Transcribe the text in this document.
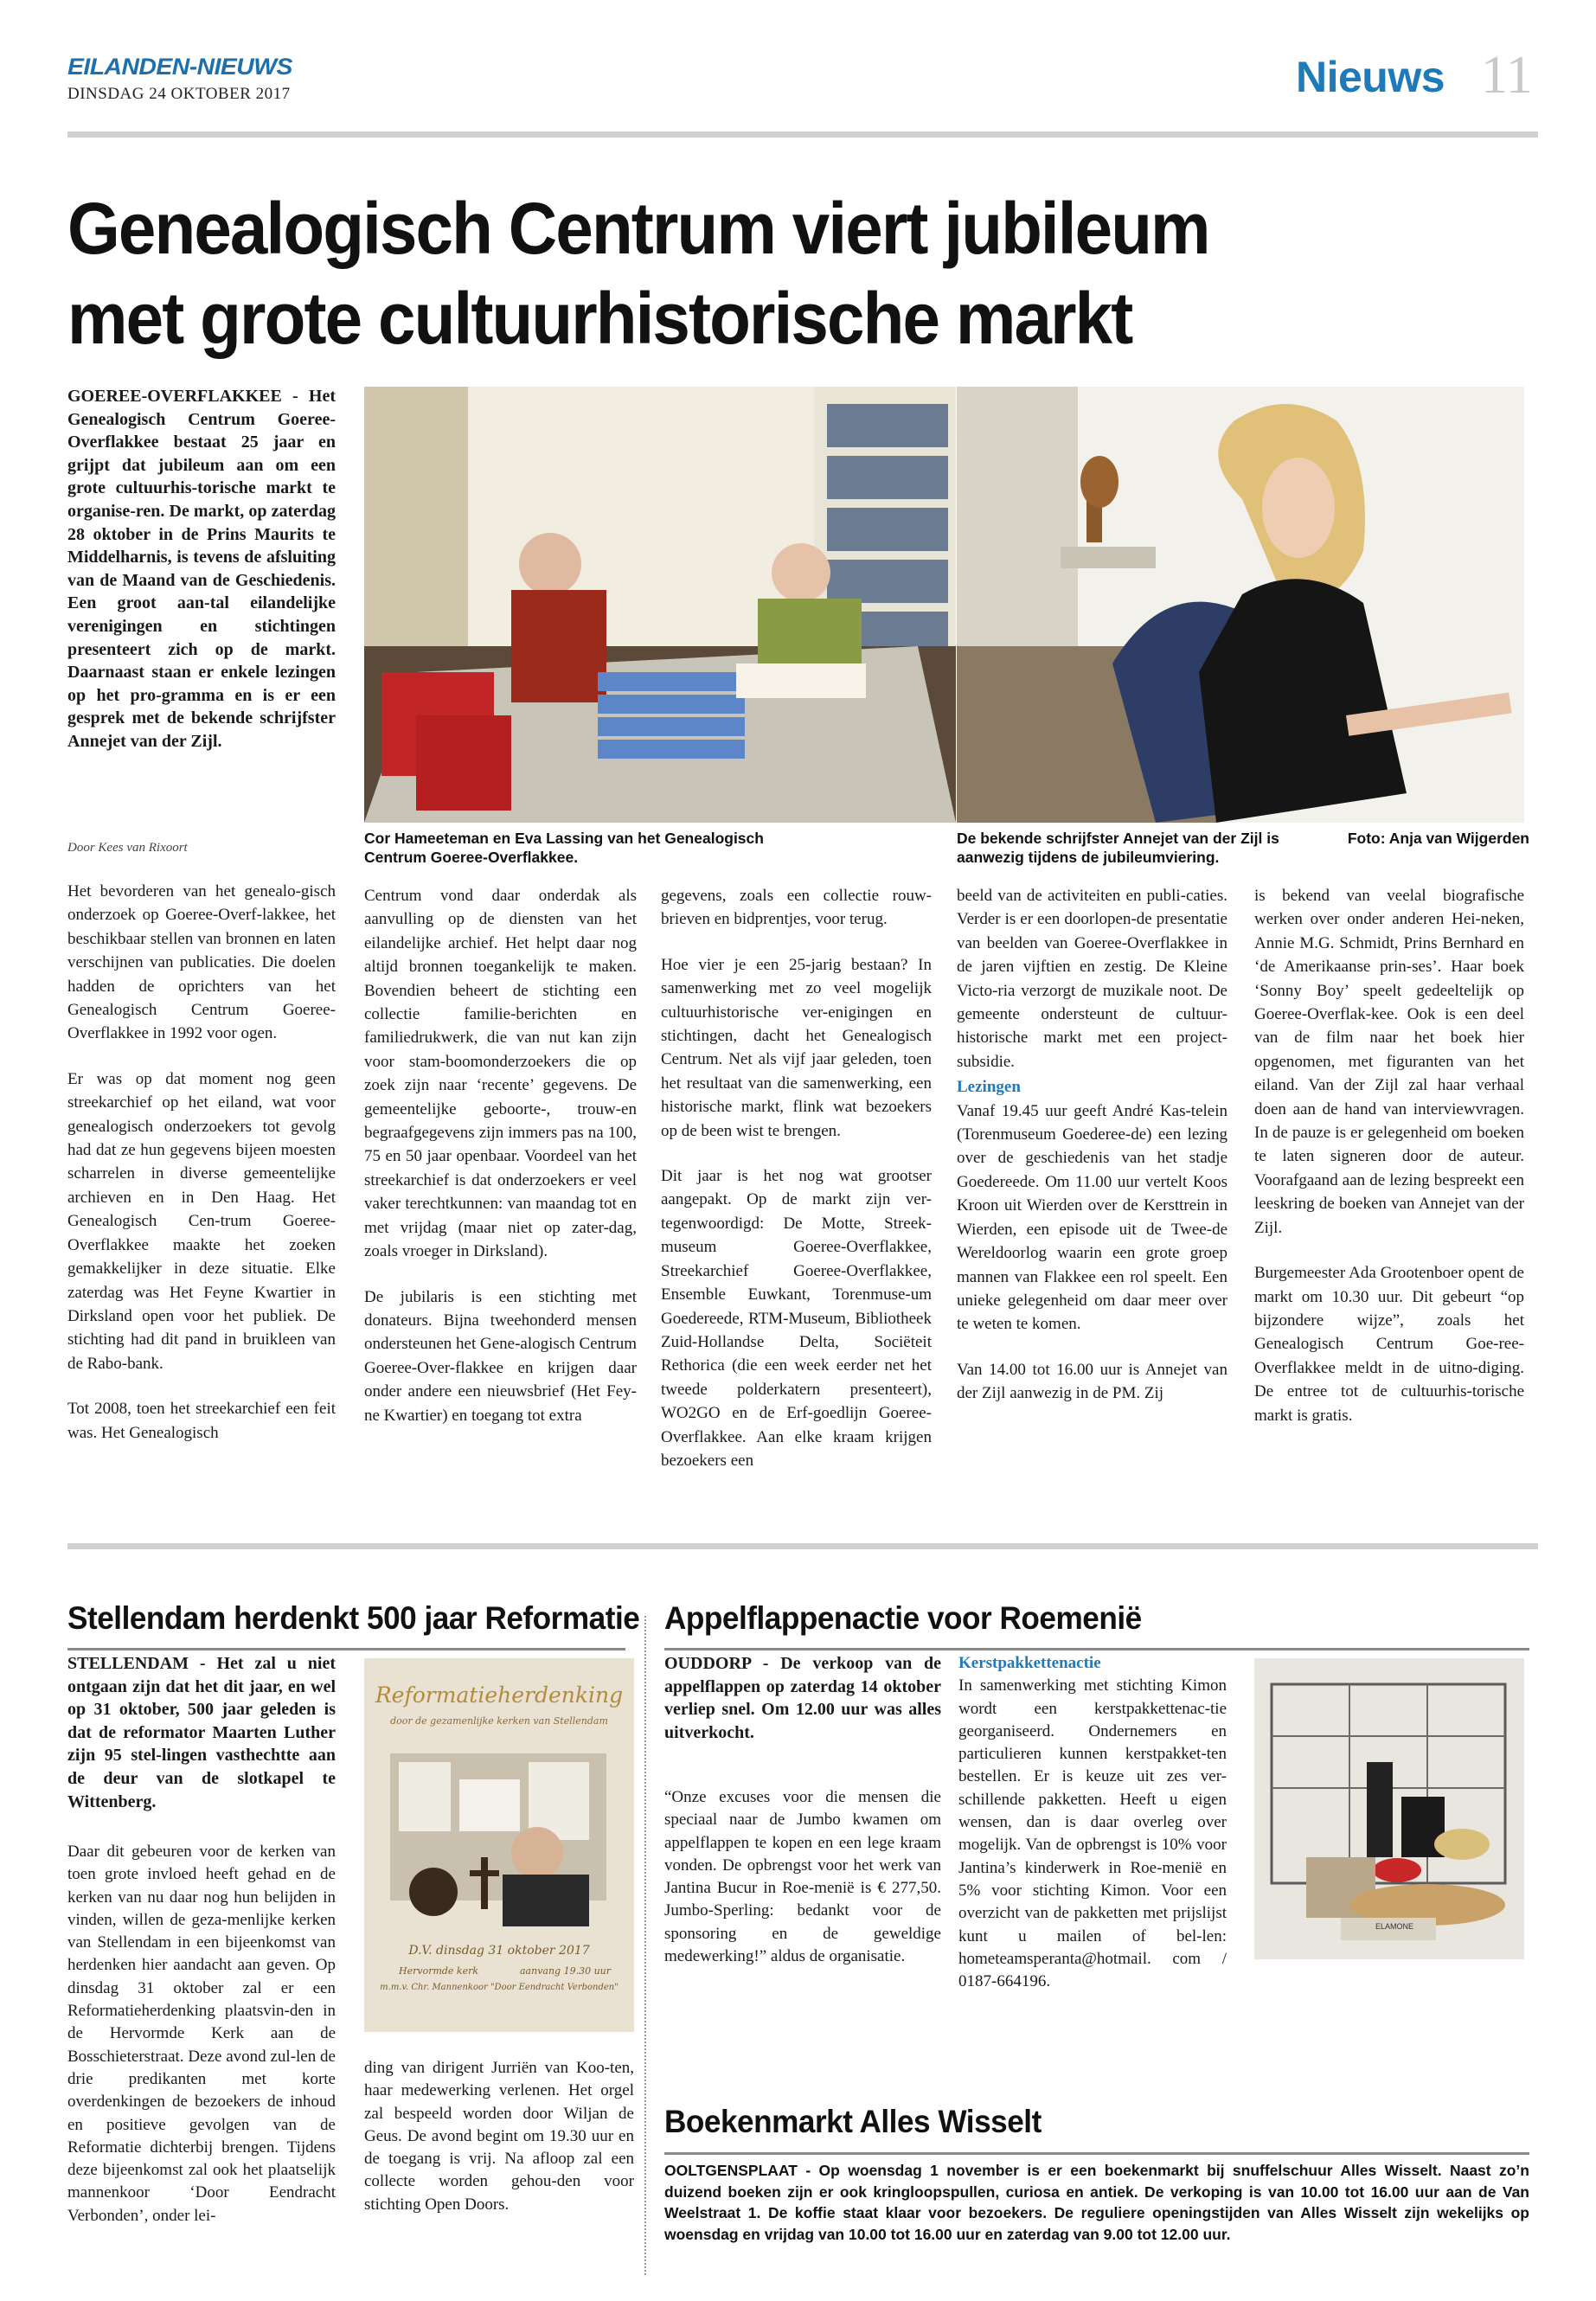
EILANDEN-NIEUWS
DINSDAG 24 OKTOBER 2017	Nieuws 11
Genealogisch Centrum viert jubileum
met grote cultuurhistorische markt
GOEREE-OVERFLAKKEE - Het Genealogisch Centrum Goeree-Overflakkee bestaat 25 jaar en grijpt dat jubileum aan om een grote cultuurhis-torische markt te organise-ren. De markt, op zaterdag 28 oktober in de Prins Maurits te Middelharnis, is tevens de afsluiting van de Maand van de Geschiedenis. Een groot aan-tal eilandelijke verenigingen en stichtingen presenteert zich op de markt. Daarnaast staan er enkele lezingen op het pro-gramma en is er een gesprek met de bekende schrijfster Annejet van der Zijl.
Door Kees van Rixoort
Cor Hameeteman en Eva Lassing van het Genealogisch Centrum Goeree-Overflakkee.
De bekende schrijfster Annejet van der Zijl is aanwezig tijdens de jubileumviering.
Foto: Anja van Wijgerden

Het bevorderen van het genealo-gisch onderzoek op Goeree-Overf-lakkee, het beschikbaar stellen van bronnen en laten verschijnen van publicaties. Die doelen hadden de oprichters van het Genealogisch Centrum Goeree-Overflakkee in 1992 voor ogen.

Er was op dat moment nog geen streekarchief op het eiland, wat voor genealogisch onderzoekers tot gevolg had dat ze hun gegevens bijeen moesten scharrelen in diverse gemeentelijke archieven en in Den Haag. Het Genealogisch Cen-trum Goeree-Overflakkee maakte het zoeken gemakkelijker in deze situatie. Elke zaterdag was Het Feyne Kwartier in Dirksland open voor het publiek. De stichting had dit pand in bruikleen van de Rabo-bank.

Tot 2008, toen het streekarchief een feit was. Het Genealogisch

Centrum vond daar onderdak als aanvulling op de diensten van het eilandelijke archief. Het helpt daar nog altijd bronnen toegankelijk te maken. Bovendien beheert de stichting een collectie familie-berichten en familiedrukwerk, die van nut kan zijn voor stam-boomonderzoekers die op zoek zijn naar ‘recente’ gegevens. De gemeentelijke geboorte-, trouw-en begraafgegevens zijn immers pas na 100, 75 en 50 jaar openbaar. Voordeel van het streekarchief is dat onderzoekers er veel vaker terechtkunnen: van maandag tot en met vrijdag (maar niet op zater-dag, zoals vroeger in Dirksland).

De jubilaris is een stichting met donateurs. Bijna tweehonderd mensen ondersteunen het Gene-alogisch Centrum Goeree-Over-flakkee en krijgen daar onder andere een nieuwsbrief (Het Fey-ne Kwartier) en toegang tot extra

gegevens, zoals een collectie rouw-brieven en bidprentjes, voor terug.

Hoe vier je een 25-jarig bestaan? In samenwerking met zo veel mogelijk cultuurhistorische ver-enigingen en stichtingen, dacht het Genealogisch Centrum. Net als vijf jaar geleden, toen het resultaat van die samenwerking, een historische markt, flink wat bezoekers op de been wist te brengen.

Dit jaar is het nog wat grootser aangepakt. Op de markt zijn ver-tegenwoordigd: De Motte, Streek-museum Goeree-Overflakkee, Streekarchief Goeree-Overflakkee, Ensemble Euwkant, Torenmuse-um Goedereede, RTM-Museum, Bibliotheek Zuid-Hollandse Delta, Sociëteit Rethorica (die een week eerder net het tweede polderkatern presenteert), WO2GO en de Erf-goedlijn Goeree-Overflakkee. Aan elke kraam krijgen bezoekers een

beeld van de activiteiten en publi-caties. Verder is er een doorlopen-de presentatie van beelden van Goeree-Overflakkee in de jaren vijftien en zestig. De Kleine Victo-ria verzorgt de muzikale noot. De gemeente ondersteunt de cultuur-historische markt met een project-subsidie.

Lezingen

Vanaf 19.45 uur geeft André Kas-telein (Torenmuseum Goederee-de) een lezing over de geschiedenis van het stadje Goedereede. Om 11.00 uur vertelt Koos Kroon uit Wierden over de Kersttrein in Wierden, een episode uit de Twee-de Wereldoorlog waarin een grote groep mannen van Flakkee een rol speelt. Een unieke gelegenheid om daar meer over te weten te komen.

Van 14.00 tot 16.00 uur is Annejet van der Zijl aanwezig in de PM. Zij

is bekend van veelal biografische werken over onder anderen Hei-neken, Annie M.G. Schmidt, Prins Bernhard en ‘de Amerikaanse prin-ses’. Haar boek ‘Sonny Boy’ speelt gedeeltelijk op Goeree-Overflak-kee. Ook is een deel van de film naar het boek hier opgenomen, met figuranten van het eiland. Van der Zijl zal haar verhaal doen aan de hand van interviewvragen. In de pauze is er gelegenheid om boeken te laten signeren door de auteur. Voorafgaand aan de lezing bespreekt een leeskring de boeken van Annejet van der Zijl.

Burgemeester Ada Grootenboer opent de markt om 10.30 uur. Dit gebeurt “op bijzondere wijze”, zoals het Genealogisch Centrum Goe-ree-Overflakkee meldt in de uitno-diging. De entree tot de cultuurhis-torische markt is gratis.

Stellendam herdenkt 500 jaar Reformatie
STELLENDAM - Het zal u niet ontgaan zijn dat het dit jaar, en wel op 31 oktober, 500 jaar geleden is dat de reformator Maarten Luther zijn 95 stel-lingen vasthechtte aan de deur van de slotkapel te Wittenberg.
Daar dit gebeuren voor de kerken van toen grote invloed heeft gehad en de kerken van nu daar nog hun belijden in vinden, willen de geza-menlijke kerken van Stellendam in een bijeenkomst van herdenken hier aandacht aan geven. Op dinsdag 31 oktober zal er een Reformatieherdenking plaatsvin-den in de Hervormde Kerk aan de Bosschieterstraat. Deze avond zul-len de drie predikanten met korte overdenkingen de bezoekers de inhoud en positieve gevolgen van de Reformatie dichterbij brengen. Tijdens deze bijeenkomst zal ook het plaatselijk mannenkoor ‘Door Eendracht Verbonden’, onder lei-
Reformatieherdenking
door de gezamenlijke kerken van Stellendam
D.V. dinsdag 31 oktober 2017
Hervormde kerk	aanvang 19.30 uur
m.m.v. Chr. Mannenkoor "Door Eendracht Verbonden"
ding van dirigent Jurriën van Koo-ten, haar medewerking verlenen. Het orgel zal bespeeld worden door Wiljan de Geus. De avond begint om 19.30 uur en de toegang is vrij. Na afloop zal een collecte worden gehou-den voor stichting Open Doors.
Appelflappenactie voor Roemenië
OUDDORP - De verkoop van de appelflappen op zaterdag 14 oktober verliep snel. Om 12.00 uur was alles uitverkocht.
“Onze excuses voor die mensen die speciaal naar de Jumbo kwamen om appelflappen te kopen en een lege kraam vonden. De opbrengst voor het werk van Jantina Bucur in Roe-menië is € 277,50. Jumbo-Sperling: bedankt voor de sponsoring en de geweldige medewerking!” aldus de organisatie.
Kerstpakkettenactie
In samenwerking met stichting Kimon wordt een kerstpakkettenac-tie georganiseerd. Ondernemers en particulieren kunnen kerstpakket-ten bestellen. Er is keuze uit zes ver-schillende pakketten. Heeft u eigen wensen, dan is daar overleg over mogelijk. Van de opbrengst is 10% voor Jantina’s kinderwerk in Roe-menië en 5% voor stichting Kimon. Voor een overzicht van de pakketten met prijslijst kunt u mailen of bel-len: hometeamsperanta@hotmail. com / 0187-664196.
ELAMONE
Boekenmarkt Alles Wisselt
OOLTGENSPLAAT - Op woensdag 1 november is er een boekenmarkt bij snuffelschuur Alles Wisselt. Naast zo’n duizend boeken zijn er ook kringloopspullen, curiosa en antiek. De verkoping is van 10.00 tot 16.00 uur aan de Van Weelstraat 1. De koffie staat klaar voor bezoekers. De reguliere openingstijden van Alles Wisselt zijn wekelijks op woensdag en vrijdag van 10.00 tot 16.00 uur en zaterdag van 9.00 tot 12.00 uur.
